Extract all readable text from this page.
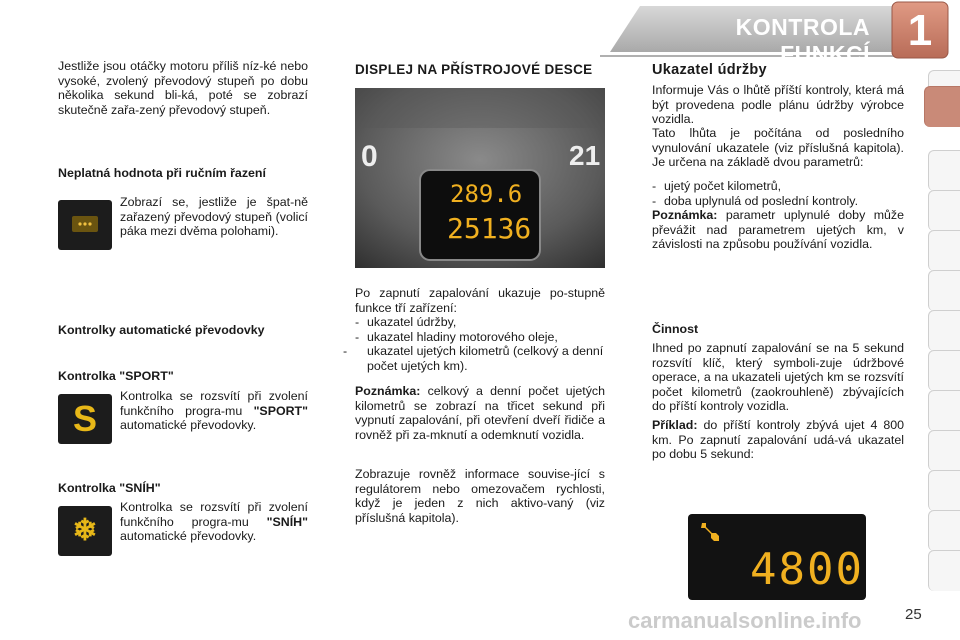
KONTROLA FUNKCÍ 1

Jestliže jsou otáčky motoru příliš níz-ké nebo vysoké, zvolený převodový stupeň po dobu několika sekund bli-ká, poté se zobrazí skutečně zařa-zený převodový stupeň.

Neplatná hodnota při ručním řazení

Zobrazí se, jestliže je špat-ně zařazený převodový stupeň (volicí páka mezi dvěma polohami).

Kontrolky automatické převodovky
Kontrolka "SPORT"
S

Kontrolka se rozsvítí při zvolení funkčního progra-mu "SPORT" automatické převodovky.

Kontrolka "SNÍH"
❄

Kontrolka se rozsvítí při zvolení funkčního progra-mu "SNÍH" automatické převodovky.

DISPLEJ NA PŘÍSTROJOVÉ DESCE
0	21
289.6
25136

Po zapnutí zapalování ukazuje po-stupně funkce tří zařízení:

- ukazatel údržby,

- ukazatel hladiny motorového oleje,

- ukazatel ujetých kilometrů (celkový a denní počet ujetých km).

Poznámka: celkový a denní počet ujetých kilometrů se zobrazí na třicet sekund při vypnutí zapalování, při otevření dveří řidiče a rovněž při za-mknutí a odemknutí vozidla.

Zobrazuje rovněž informace souvise-jící s regulátorem nebo omezovačem rychlosti, když je jeden z nich aktivo-vaný (viz příslušná kapitola).

Ukazatel údržby

Informuje Vás o lhůtě příští kontroly, která má být provedena podle plánu údržby výrobce vozidla.

Tato lhůta je počítána od posledního vynulování ukazatele (viz příslušná kapitola). Je určena na základě dvou parametrů:

- ujetý počet kilometrů,

- doba uplynulá od poslední kontroly.

Poznámka: parametr uplynulé doby může převážit nad parametrem ujetých km, v závislosti na způsobu používání vozidla.

Činnost

Ihned po zapnutí zapalování se na 5 sekund rozsvítí klíč, který symboli-zuje údržbové operace, a na ukazateli ujetých km se rozsvítí počet kilometrů (zaokrouhleně) zbývajících do příští kontroly vozidla.

Příklad: do příští kontroly zbývá ujet 4 800 km. Po zapnutí zapalování udá-vá ukazatel po dobu 5 sekund:

4800
carmanualsonline.info	25
